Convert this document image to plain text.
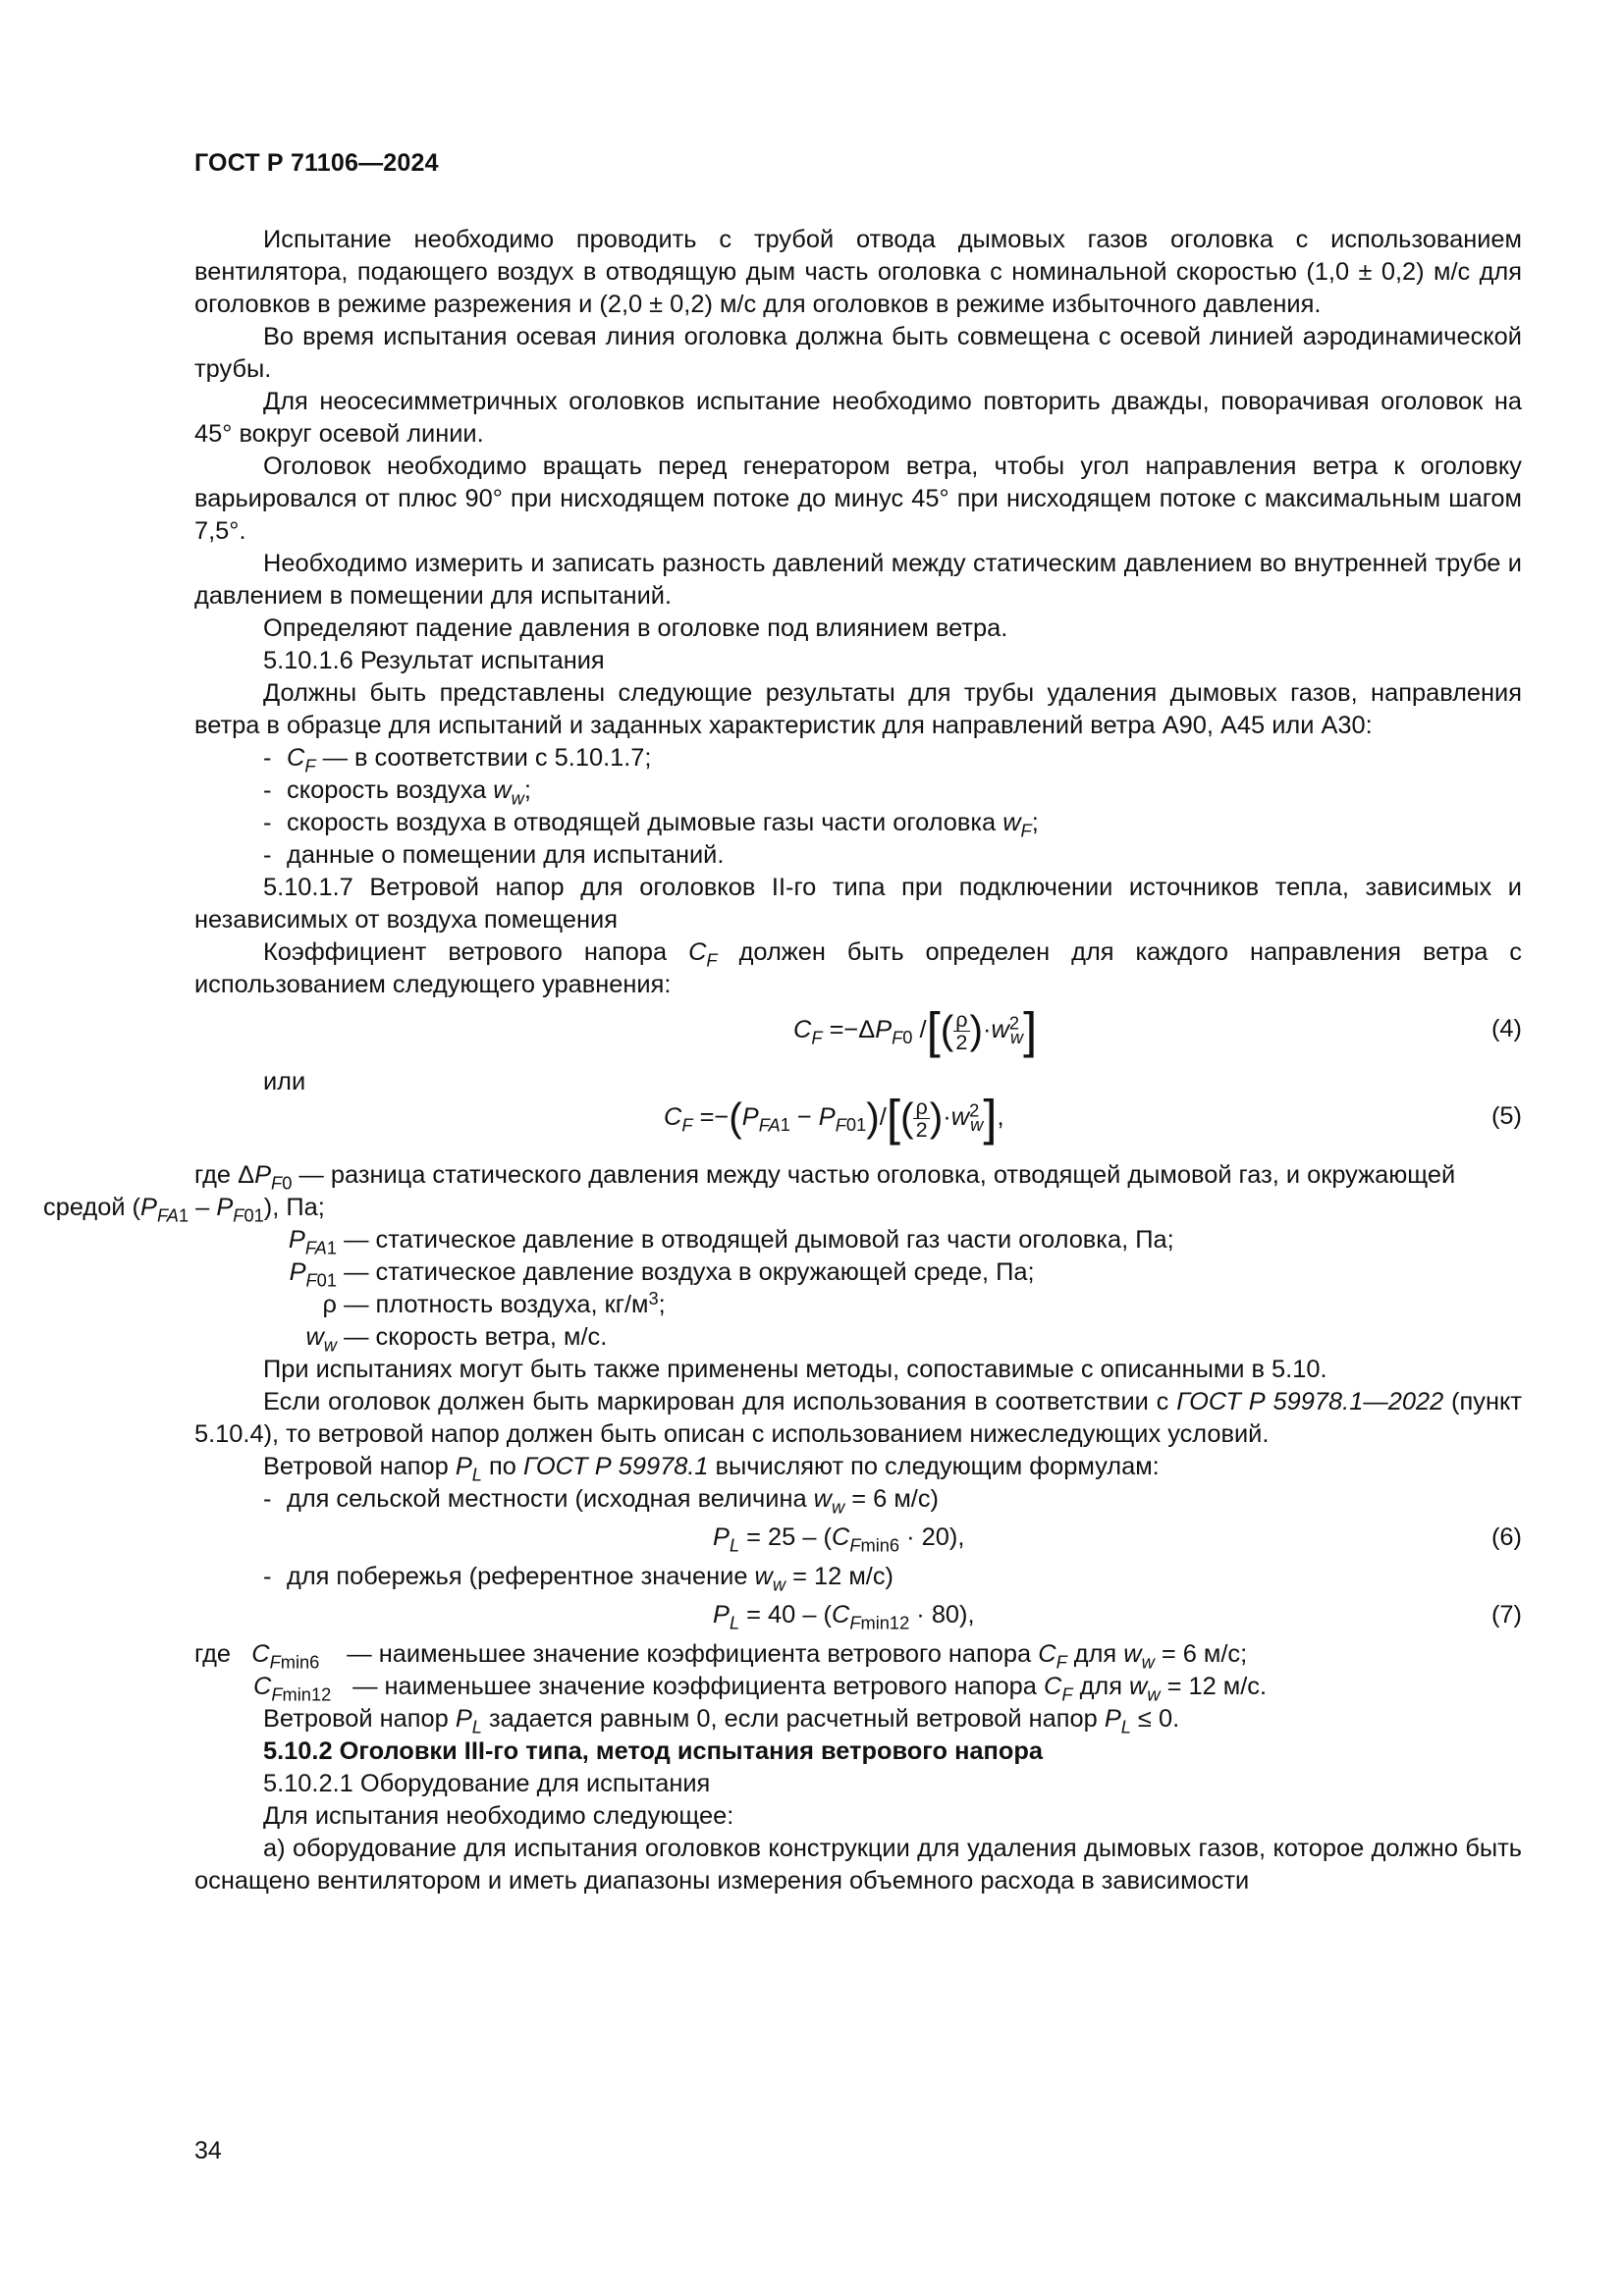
ГОСТ Р 71106—2024

Испытание необходимо проводить с трубой отвода дымовых газов оголовка с использованием вентилятора, подающего воздух в отводящую дым часть оголовка с номинальной скоростью (1,0 ± 0,2) м/с для оголовков в режиме разрежения и (2,0 ± 0,2) м/с для оголовков в режиме избыточного давления.

Во время испытания осевая линия оголовка должна быть совмещена с осевой линией аэродинамической трубы.

Для неосесимметричных оголовков испытание необходимо повторить дважды, поворачивая оголовок на 45° вокруг осевой линии.

Оголовок необходимо вращать перед генератором ветра, чтобы угол направления ветра к оголовку варьировался от плюс 90° при нисходящем потоке до минус 45° при нисходящем потоке с максимальным шагом 7,5°.

Необходимо измерить и записать разность давлений между статическим давлением во внутренней трубе и давлением в помещении для испытаний.

Определяют падение давления в оголовке под влиянием ветра.

5.10.1.6 Результат испытания

Должны быть представлены следующие результаты для трубы удаления дымовых газов, направления ветра в образце для испытаний и заданных характеристик для направлений ветра А90, А45 или А30:

- $C_F$ — в соответствии с 5.10.1.7;

- скорость воздуха $w_w$;

- скорость воздуха в отводящей дымовые газы части оголовка $w_F$;

- данные о помещении для испытаний.

5.10.1.7 Ветровой напор для оголовков II-го типа при подключении источников тепла, зависимых и независимых от воздуха помещения

Коэффициент ветрового напора $C_F$ должен быть определен для каждого направления ветра с использованием следующего уравнения:

$C_F =-\Delta P_{F0}$ /[( $\frac{\rho}{2} )\cdot w^2_w$]	(4)

или

$C_F =-(P_{FA1} - P_{F01})/[( \frac{\rho}{2} )\cdot w^2_w]$,	(5)

где $\Delta P_{F0}$ — разница статического давления между частью оголовка, отводящей дымовой газ, и окружающей средой $(P_{FA1} - P_{F01})$, Па;

$P_{FA1}$ — статическое давление в отводящей дымовой газ части оголовка, Па;

$P_{F01}$ — статическое давление воздуха в окружающей среде, Па;

ρ — плотность воздуха, $кг/м^3$;

$w_w$ — скорость ветра, м/с.

При испытаниях могут быть также применены методы, сопоставимые с описанными в 5.10.

Если оголовок должен быть маркирован для использования в соответствии с ГОСТ Р 59978.1—2022 (пункт 5.10.4), то ветровой напор должен быть описан с использованием нижеследующих условий.

Ветровой напор $P_L$ по ГОСТ Р 59978.1 вычисляют по следующим формулам:

- для сельской местности (исходная величина $w_w = 6$ м/с)

$P_L = 25 - (C_{Fmin6} \cdot 20)$,	(6)

- для побережья (референтное значение $w_w = 12$ м/с)

$P_L = 40 - (C_{Fmin12} \cdot 80)$,	(7)

где $C_{Fmin6}$ — наименьшее значение коэффициента ветрового напора $C_F$ для $w_w = 6$ м/с;

$C_{Fmin12}$ — наименьшее значение коэффициента ветрового напора $C_F$ для $w_w = 12$ м/с.

Ветровой напор $P_L$ задается равным 0, если расчетный ветровой напор $P_L \le 0$.

5.10.2 Оголовки III-го типа, метод испытания ветрового напора

5.10.2.1 Оборудование для испытания

Для испытания необходимо следующее:

а) оборудование для испытания оголовков конструкции для удаления дымовых газов, которое должно быть оснащено вентилятором и иметь диапазоны измерения объемного расхода в зависимости

34
